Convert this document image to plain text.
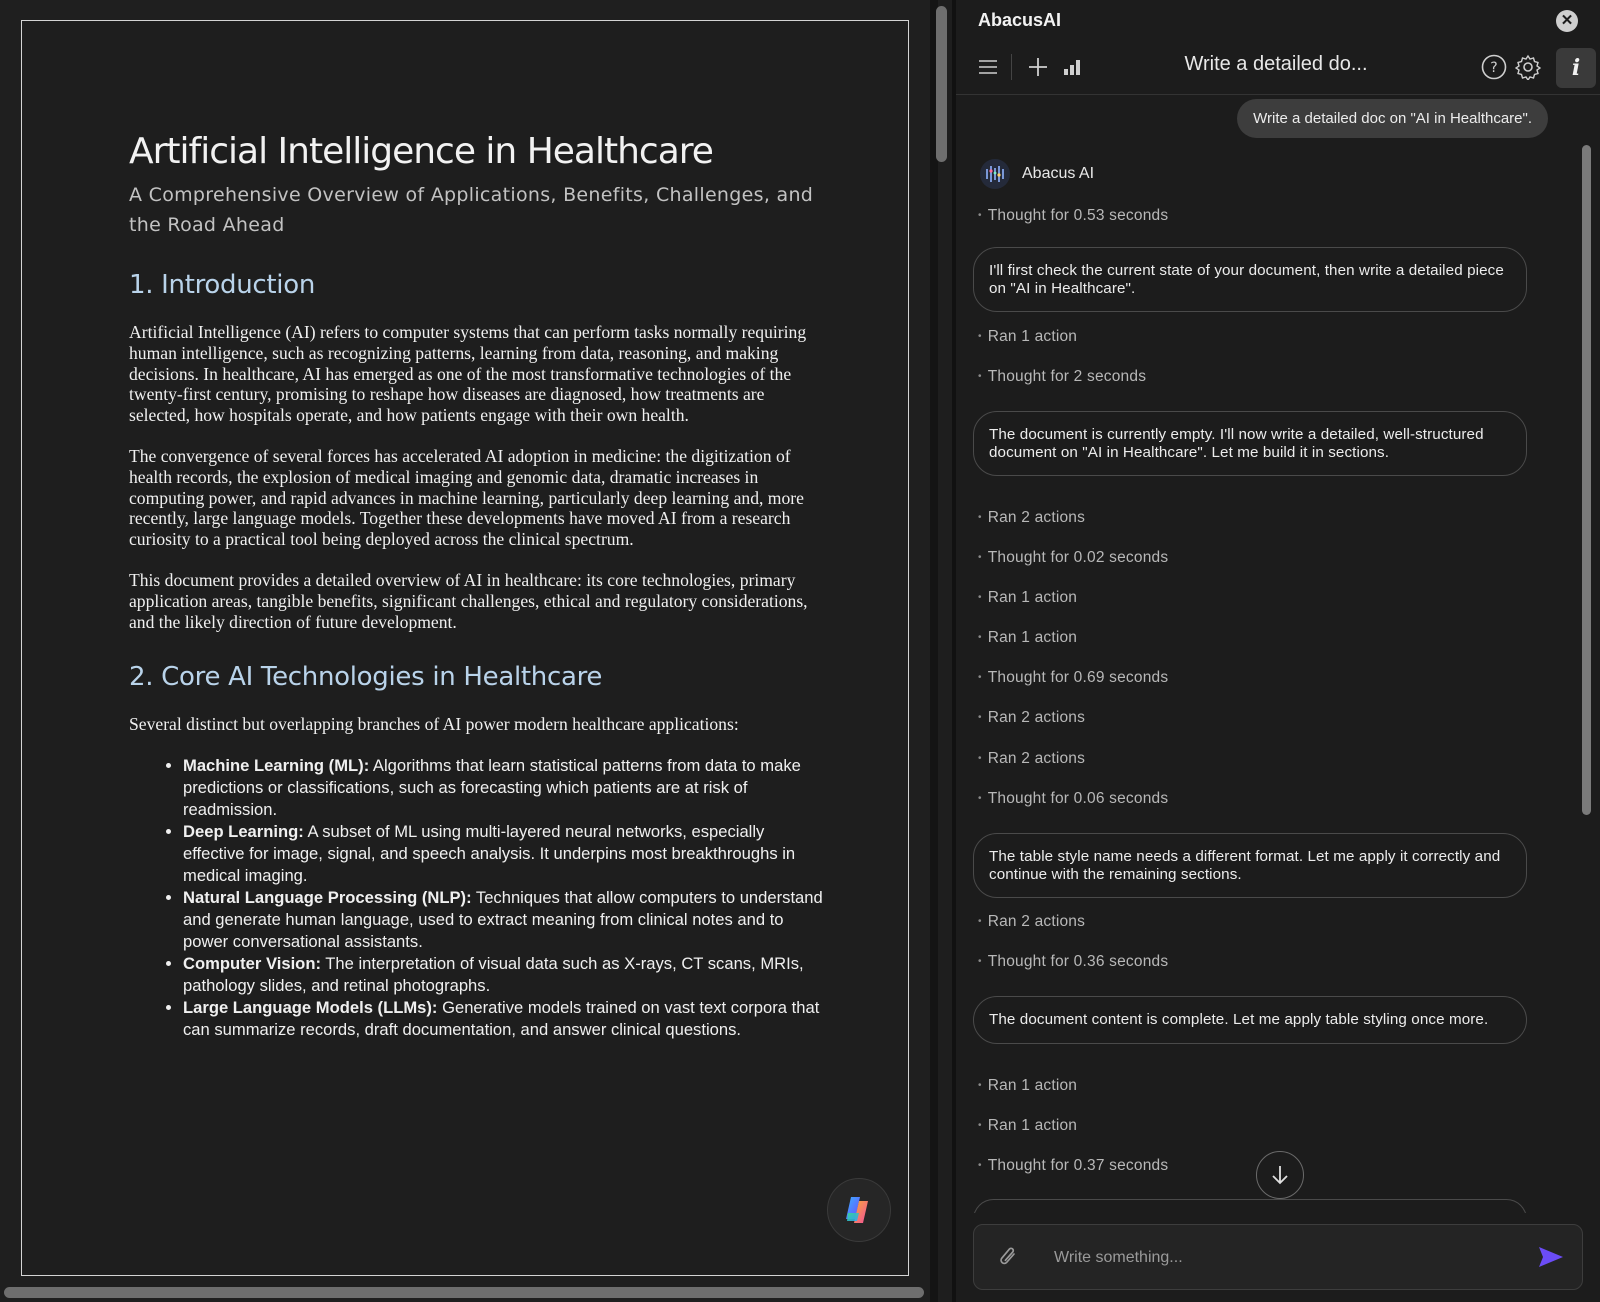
Artificial Intelligence in Healthcare

A Comprehensive Overview of Applications, Benefits, Challenges, and the Road Ahead

1. Introduction

Artificial Intelligence (AI) refers to computer systems that can perform tasks normally requiring human intelligence, such as recognizing patterns, learning from data, reasoning, and making decisions. In healthcare, AI has emerged as one of the most transformative technologies of the twenty-first century, promising to reshape how diseases are diagnosed, how treatments are selected, how hospitals operate, and how patients engage with their own health.

The convergence of several forces has accelerated AI adoption in medicine: the digitization of health records, the explosion of medical imaging and genomic data, dramatic increases in computing power, and rapid advances in machine learning, particularly deep learning and, more recently, large language models. Together these developments have moved AI from a research curiosity to a practical tool being deployed across the clinical spectrum.

This document provides a detailed overview of AI in healthcare: its core technologies, primary application areas, tangible benefits, significant challenges, ethical and regulatory considerations, and the likely direction of future development.

2. Core AI Technologies in Healthcare

Several distinct but overlapping branches of AI power modern healthcare applications:

• Machine Learning (ML): Algorithms that learn statistical patterns from data to make predictions or classifications, such as forecasting which patients are at risk of readmission.
• Deep Learning: A subset of ML using multi-layered neural networks, especially effective for image, signal, and speech analysis. It underpins most breakthroughs in medical imaging.
• Natural Language Processing (NLP): Techniques that allow computers to understand and generate human language, used to extract meaning from clinical notes and to power conversational assistants.
• Computer Vision: The interpretation of visual data such as X-rays, CT scans, MRIs, pathology slides, and retinal photographs.
• Large Language Models (LLMs): Generative models trained on vast text corpora that can summarize records, draft documentation, and answer clinical questions.
AbacusAI	✕
Write a detailed do...	?	i
Write a detailed doc on "AI in Healthcare".
Abacus AI
• Thought for 0.53 seconds
I'll first check the current state of your document, then write a detailed piece on "AI in Healthcare".
• Ran 1 action
• Thought for 2 seconds
The document is currently empty. I'll now write a detailed, well-structured document on "AI in Healthcare". Let me build it in sections.
• Ran 2 actions
• Thought for 0.02 seconds
• Ran 1 action
• Ran 1 action
• Thought for 0.69 seconds
• Ran 2 actions
• Ran 2 actions
• Thought for 0.06 seconds
The table style name needs a different format. Let me apply it correctly and continue with the remaining sections.
• Ran 2 actions
• Thought for 0.36 seconds
The document content is complete. Let me apply table styling once more.
• Ran 1 action
• Ran 1 action
• Thought for 0.37 seconds
Write something...
